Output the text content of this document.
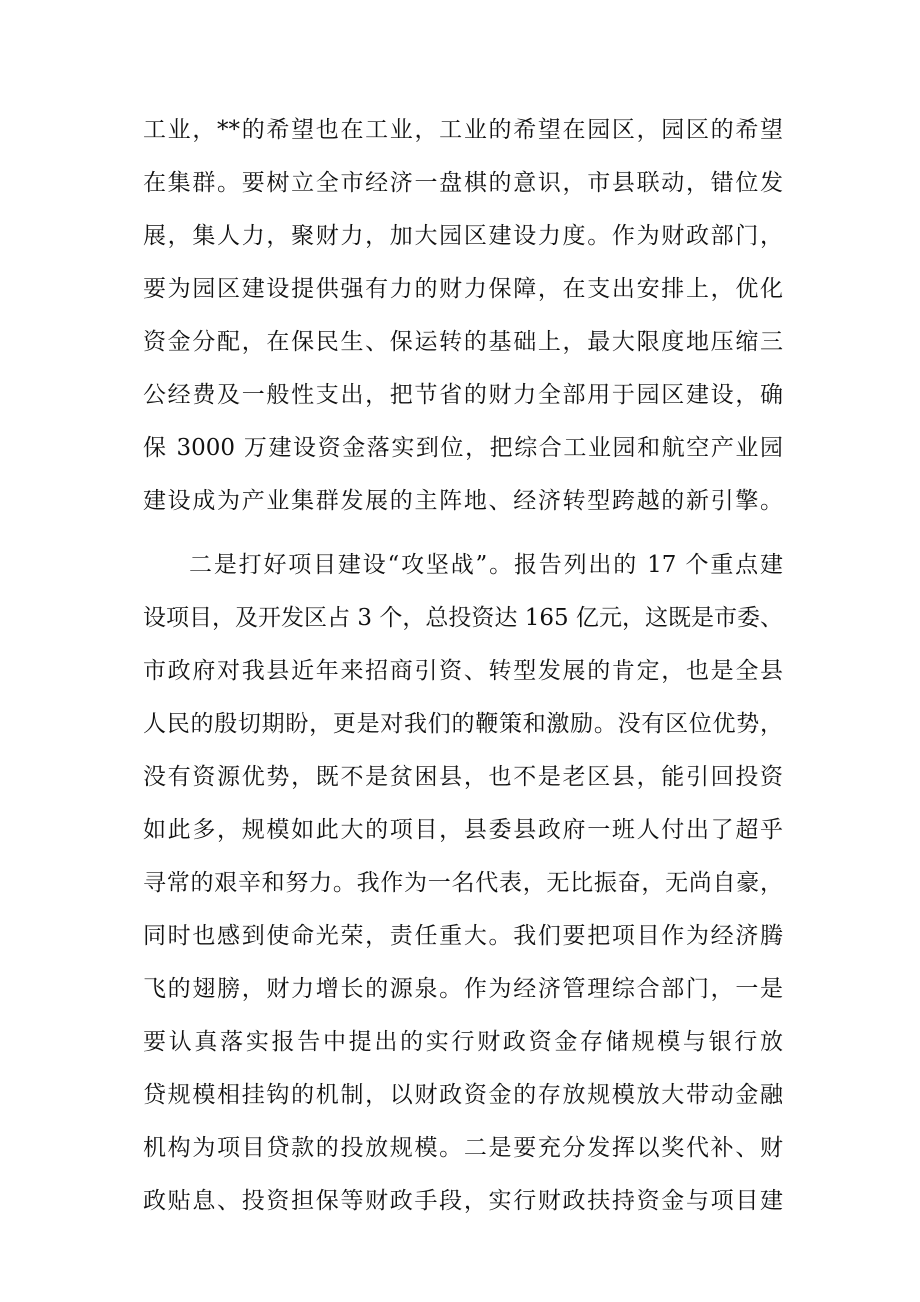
工业，**的希望也在工业，工业的希望在园区，园区的希望
在集群。要树立全市经济一盘棋的意识，市县联动，错位发
展，集人力，聚财力，加大园区建设力度。作为财政部门，
要为园区建设提供强有力的财力保障，在支出安排上，优化
资金分配，在保民生、保运转的基础上，最大限度地压缩三
公经费及一般性支出，把节省的财力全部用于园区建设，确
保 3000 万建设资金落实到位，把综合工业园和航空产业园
建设成为产业集群发展的主阵地、经济转型跨越的新引擎。
二是打好项目建设“攻坚战”。报告列出的 17 个重点建
设项目，及开发区占 3 个，总投资达 165 亿元，这既是市委、
市政府对我县近年来招商引资、转型发展的肯定，也是全县
人民的殷切期盼，更是对我们的鞭策和激励。没有区位优势，
没有资源优势，既不是贫困县，也不是老区县，能引回投资
如此多，规模如此大的项目，县委县政府一班人付出了超乎
寻常的艰辛和努力。我作为一名代表，无比振奋，无尚自豪，
同时也感到使命光荣，责任重大。我们要把项目作为经济腾
飞的翅膀，财力增长的源泉。作为经济管理综合部门，一是
要认真落实报告中提出的实行财政资金存储规模与银行放
贷规模相挂钩的机制，以财政资金的存放规模放大带动金融
机构为项目贷款的投放规模。二是要充分发挥以奖代补、财
政贴息、投资担保等财政手段，实行财政扶持资金与项目建
